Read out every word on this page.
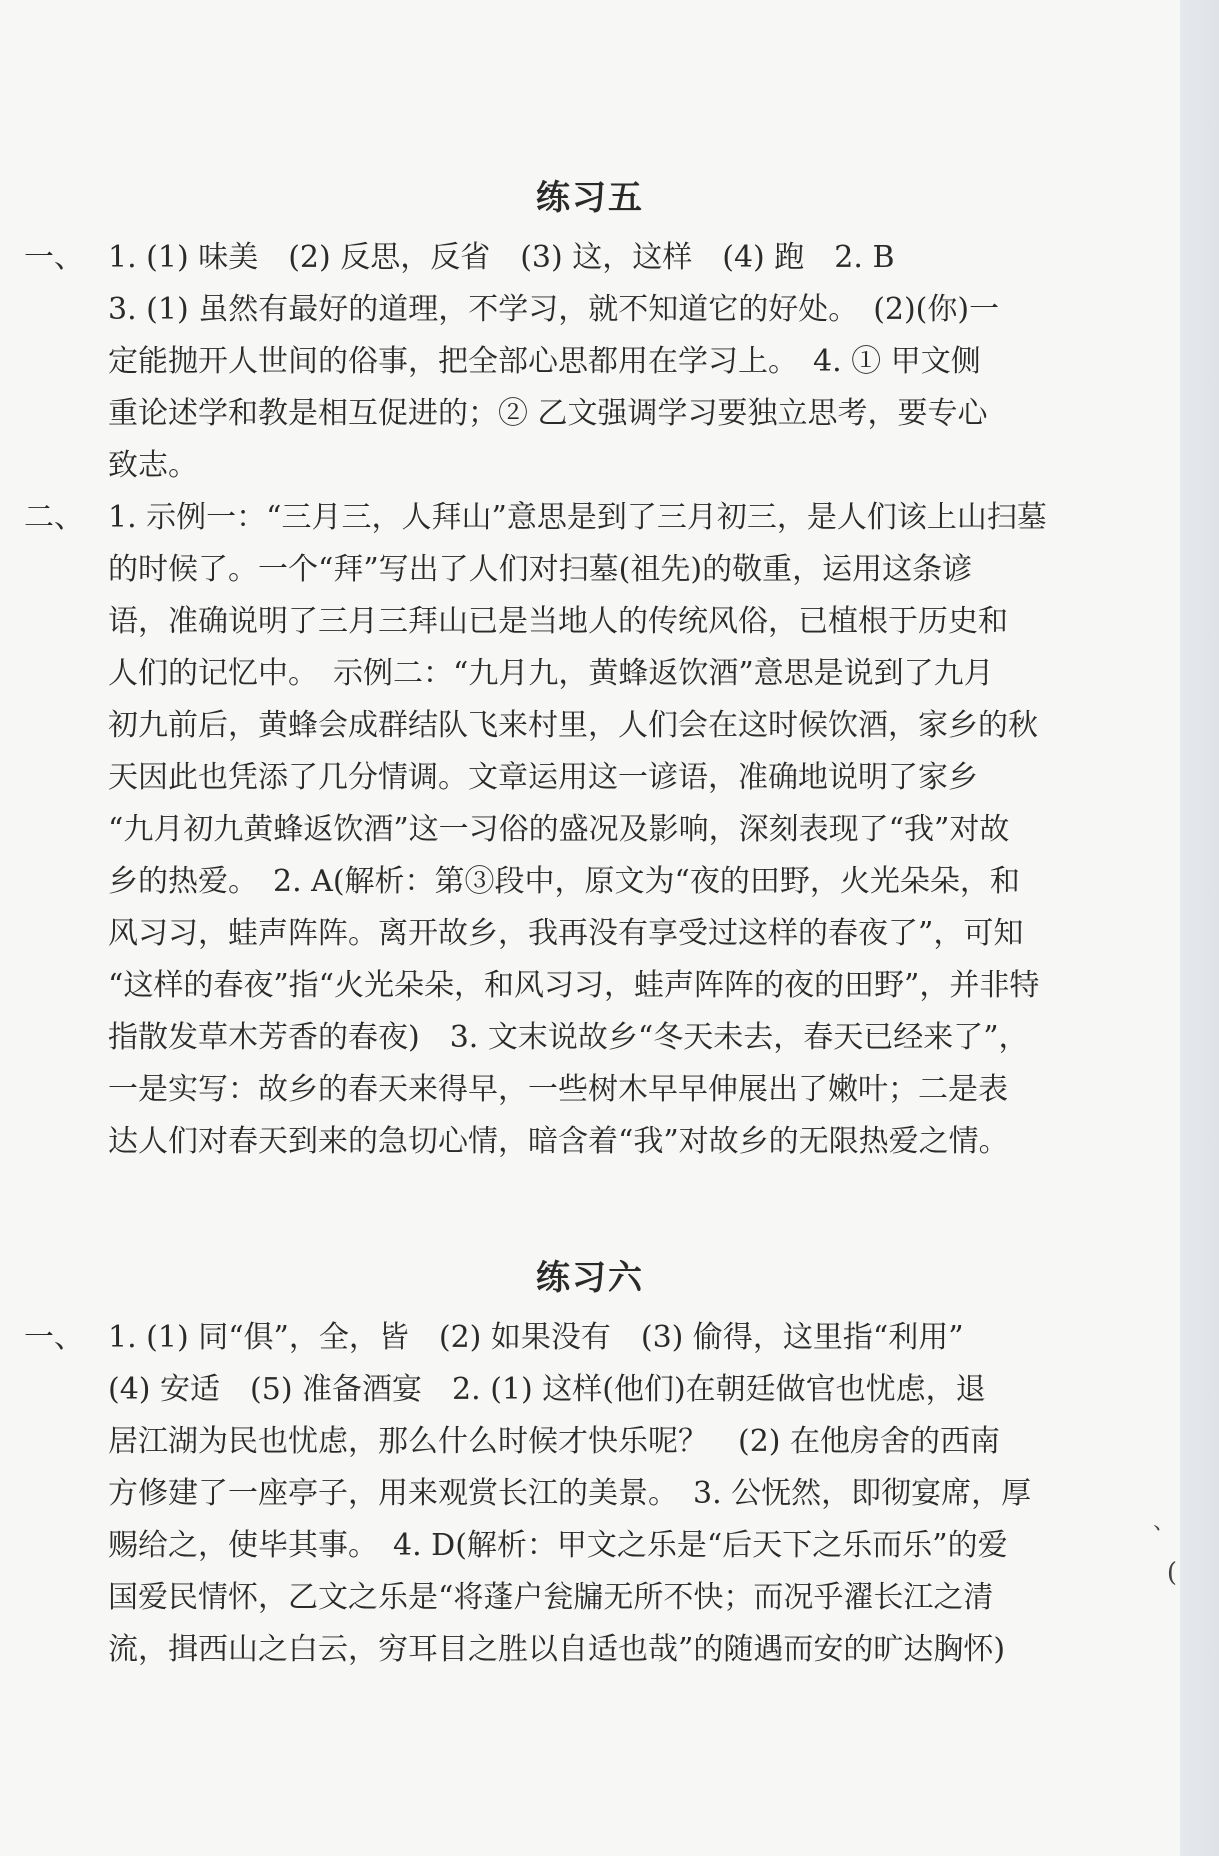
练习五
一、 1. (1) 味美　(2) 反思，反省　(3) 这，这样　(4) 跑　2. B
3. (1) 虽然有最好的道理，不学习，就不知道它的好处。　(2)(你)一
定能抛开人世间的俗事，把全部心思都用在学习上。　4. ① 甲文侧
重论述学和教是相互促进的；② 乙文强调学习要独立思考，要专心
致志。
二、 1. 示例一：“三月三，人拜山”意思是到了三月初三，是人们该上山扫墓
的时候了。一个“拜”写出了人们对扫墓(祖先)的敬重，运用这条谚
语，准确说明了三月三拜山已是当地人的传统风俗，已植根于历史和
人们的记忆中。　示例二：“九月九，黄蜂返饮酒”意思是说到了九月
初九前后，黄蜂会成群结队飞来村里，人们会在这时候饮酒，家乡的秋
天因此也凭添了几分情调。文章运用这一谚语，准确地说明了家乡
“九月初九黄蜂返饮酒”这一习俗的盛况及影响，深刻表现了“我”对故
乡的热爱。　2. A(解析：第③段中，原文为“夜的田野，火光朵朵，和
风习习，蛙声阵阵。离开故乡，我再没有享受过这样的春夜了”，可知
“这样的春夜”指“火光朵朵，和风习习，蛙声阵阵的夜的田野”，并非特
指散发草木芳香的春夜)　3. 文末说故乡“冬天未去，春天已经来了”，
一是实写：故乡的春天来得早，一些树木早早伸展出了嫩叶；二是表
达人们对春天到来的急切心情，暗含着“我”对故乡的无限热爱之情。
练习六
一、 1. (1) 同“俱”，全，皆　(2) 如果没有　(3) 偷得，这里指“利用”
(4) 安适　(5) 准备酒宴　2. (1) 这样(他们)在朝廷做官也忧虑，退
居江湖为民也忧虑，那么什么时候才快乐呢？　(2) 在他房舍的西南
方修建了一座亭子，用来观赏长江的美景。　3. 公怃然，即彻宴席，厚
赐给之，使毕其事。　4. D(解析：甲文之乐是“后天下之乐而乐”的爱
国爱民情怀，乙文之乐是“将蓬户瓮牖无所不快；而况乎濯长江之清
流，揖西山之白云，穷耳目之胜以自适也哉”的随遇而安的旷达胸怀)
、
(
